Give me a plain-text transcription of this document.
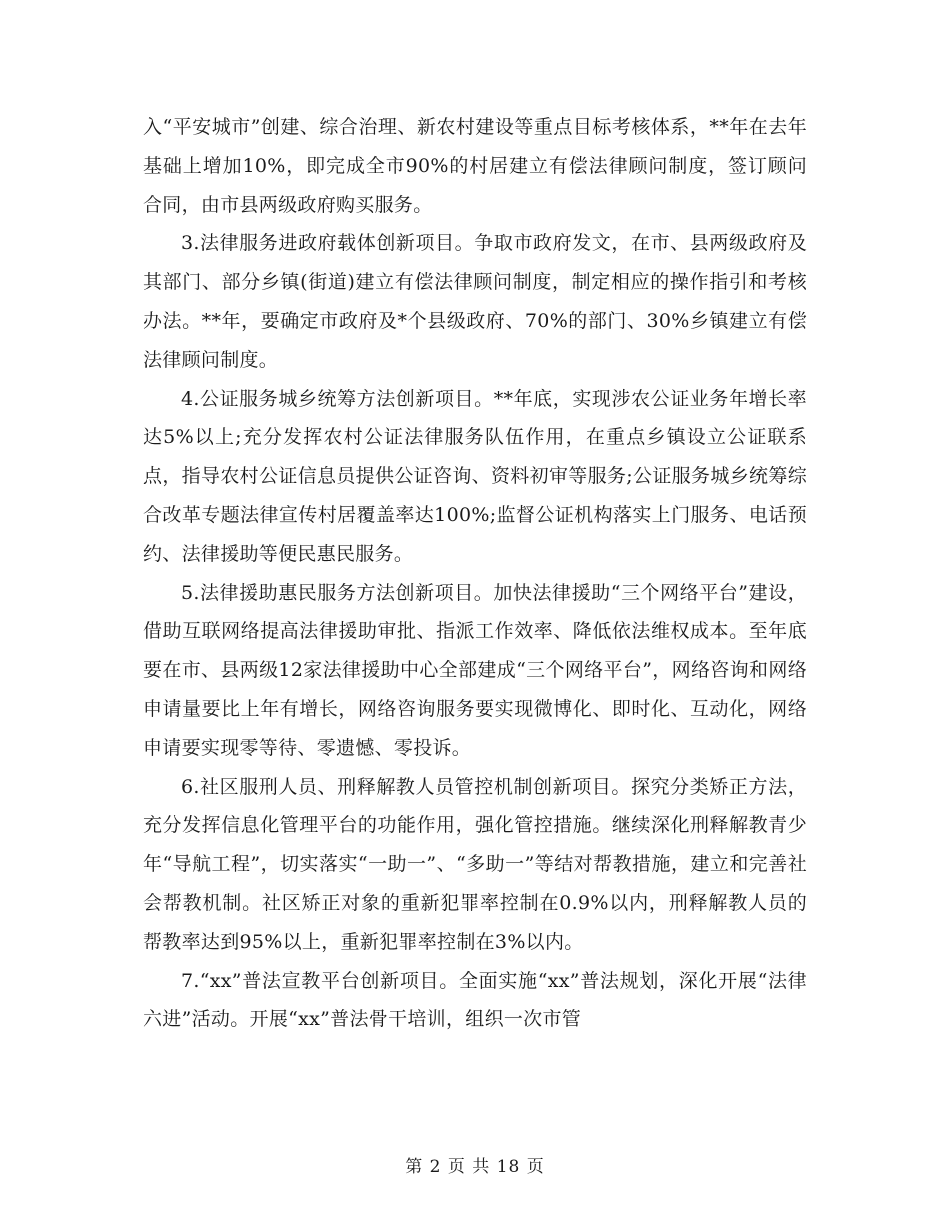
入“平安城市”创建、综合治理、新农村建设等重点目标考核体系，**年在去年基础上增加10%，即完成全市90%的村居建立有偿法律顾问制度，签订顾问合同，由市县两级政府购买服务。

3.法律服务进政府载体创新项目。争取市政府发文，在市、县两级政府及其部门、部分乡镇(街道)建立有偿法律顾问制度，制定相应的操作指引和考核办法。**年，要确定市政府及*个县级政府、70%的部门、30%乡镇建立有偿法律顾问制度。

4.公证服务城乡统筹方法创新项目。**年底，实现涉农公证业务年增长率达5%以上;充分发挥农村公证法律服务队伍作用，在重点乡镇设立公证联系点，指导农村公证信息员提供公证咨询、资料初审等服务;公证服务城乡统筹综合改革专题法律宣传村居覆盖率达100%;监督公证机构落实上门服务、电话预约、法律援助等便民惠民服务。

5.法律援助惠民服务方法创新项目。加快法律援助“三个网络平台”建设，借助互联网络提高法律援助审批、指派工作效率、降低依法维权成本。至年底要在市、县两级12家法律援助中心全部建成“三个网络平台”，网络咨询和网络申请量要比上年有增长，网络咨询服务要实现微博化、即时化、互动化，网络申请要实现零等待、零遗憾、零投诉。

6.社区服刑人员、刑释解教人员管控机制创新项目。探究分类矫正方法，充分发挥信息化管理平台的功能作用，强化管控措施。继续深化刑释解教青少年“导航工程”，切实落实“一助一”、“多助一”等结对帮教措施，建立和完善社会帮教机制。社区矫正对象的重新犯罪率控制在0.9%以内，刑释解教人员的帮教率达到95%以上，重新犯罪率控制在3%以内。

7.“xx”普法宣教平台创新项目。全面实施“xx”普法规划，深化开展“法律六进”活动。开展“xx”普法骨干培训，组织一次市管

第 2 页 共 18 页
